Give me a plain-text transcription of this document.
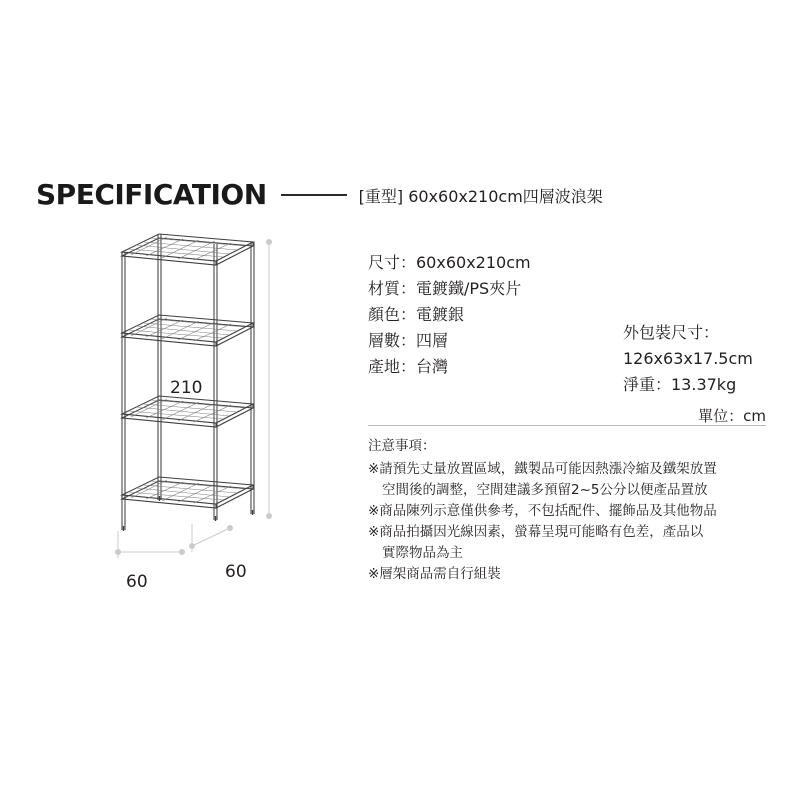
SPECIFICATION	[重型] 60x60x210cm四層波浪架
210
60	60
尺寸：60x60x210cm
材質：電鍍鐵/PS夾片
顏色：電鍍銀
層數：四層
產地：台灣
外包裝尺寸：
126x63x17.5cm
淨重：13.37kg
單位：cm
注意事項：
※請預先丈量放置區域，鐵製品可能因熱漲冷縮及鐵架放置
空間後的調整，空間建議多預留2~5公分以便產品置放
※商品陳列示意僅供參考，不包括配件、擺飾品及其他物品
※商品拍攝因光線因素，螢幕呈現可能略有色差，產品以
實際物品為主
※層架商品需自行組裝
